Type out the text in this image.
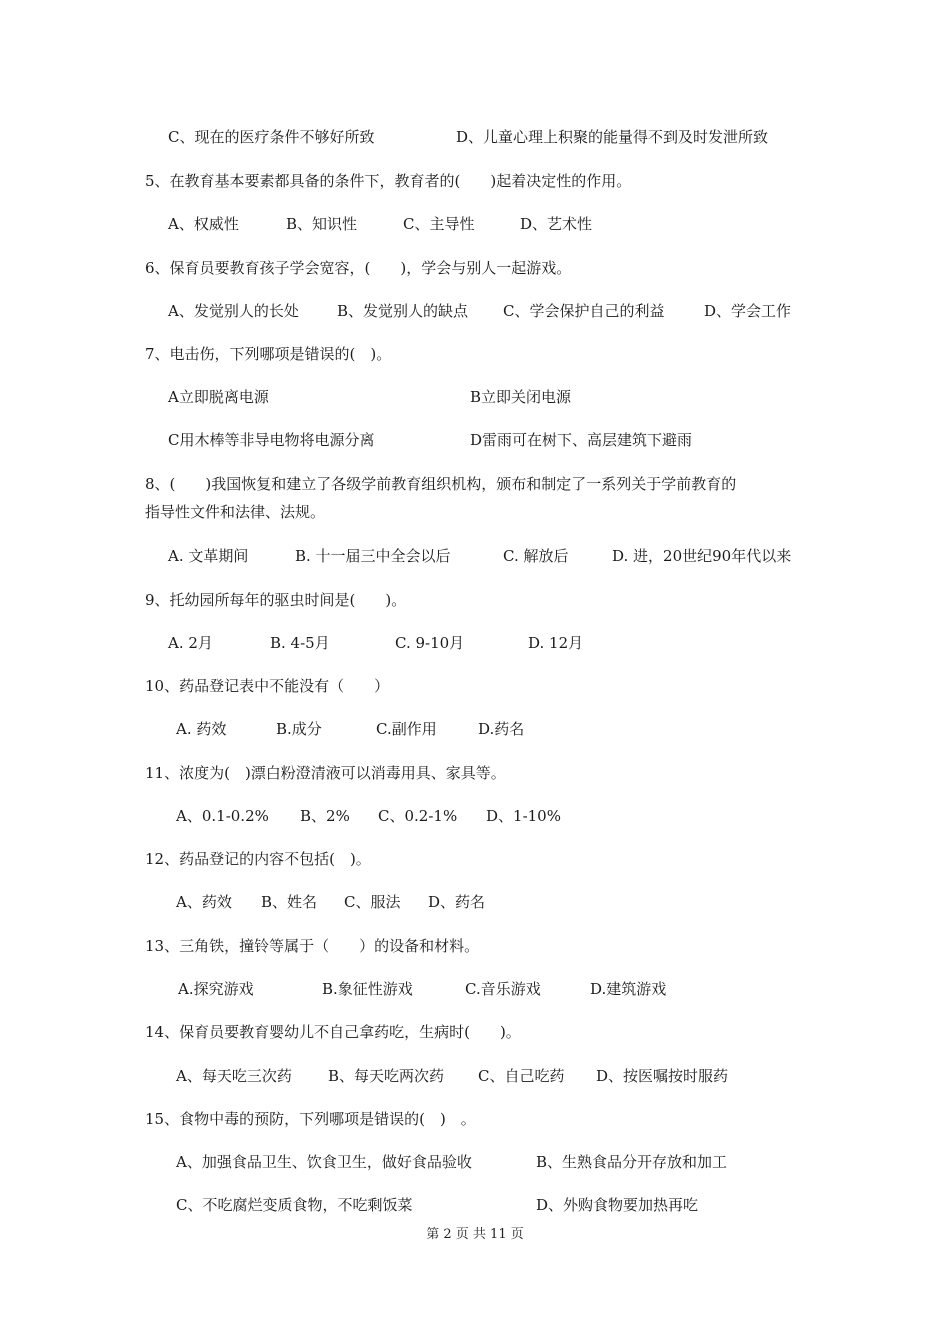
C、现在的医疗条件不够好所致

	D、儿童心理上积聚的能量得不到及时发泄所致

5、在教育基本要素都具备的条件下，教育者的(　　)起着决定性的作用。

A、权威性

	B、知识性

	C、主导性

	D、艺术性

6、保育员要教育孩子学会宽容，(　　)，学会与别人一起游戏。

A、发觉别人的长处

	B、发觉别人的缺点

C、学会保护自己的利益

	D、学会工作

7、电击伤，下列哪项是错误的(　)。

A立即脱离电源

	B立即关闭电源

C用木棒等非导电物将电源分离

	D雷雨可在树下、高层建筑下避雨

8、(　　)我国恢复和建立了各级学前教育组织机构，颁布和制定了一系列关于学前教育的

指导性文件和法律、法规。

A. 文革期间

	B. 十一届三中全会以后

	C. 解放后

	D. 进，20世纪90年代以来

9、托幼园所每年的驱虫时间是(　　)。

A. 2月

	B. 4-5月

	C. 9-10月

	D. 12月

10、药品登记表中不能没有（　　）

A. 药效

	B.成分

	C.副作用

	D.药名

11、浓度为(　)漂白粉澄清液可以消毒用具、家具等。

A、0.1-0.2%

B、2%

C、0.2-1%

D、1-10%

12、药品登记的内容不包括(　)。

A、药效

B、姓名

C、服法

D、药名

13、三角铁，撞铃等属于（　　）的设备和材料。

A.探究游戏

	B.象征性游戏

	C.音乐游戏

	D.建筑游戏

14、保育员要教育婴幼儿不自己拿药吃，生病时(　　)。

A、每天吃三次药

B、每天吃两次药

C、自己吃药

D、按医嘱按时服药

15、食物中毒的预防，下列哪项是错误的(　)　。

A、加强食品卫生、饮食卫生，做好食品验收

	B、生熟食品分开存放和加工

C、不吃腐烂变质食物，不吃剩饭菜

	D、外购食物要加热再吃

第 2 页 共 11 页
